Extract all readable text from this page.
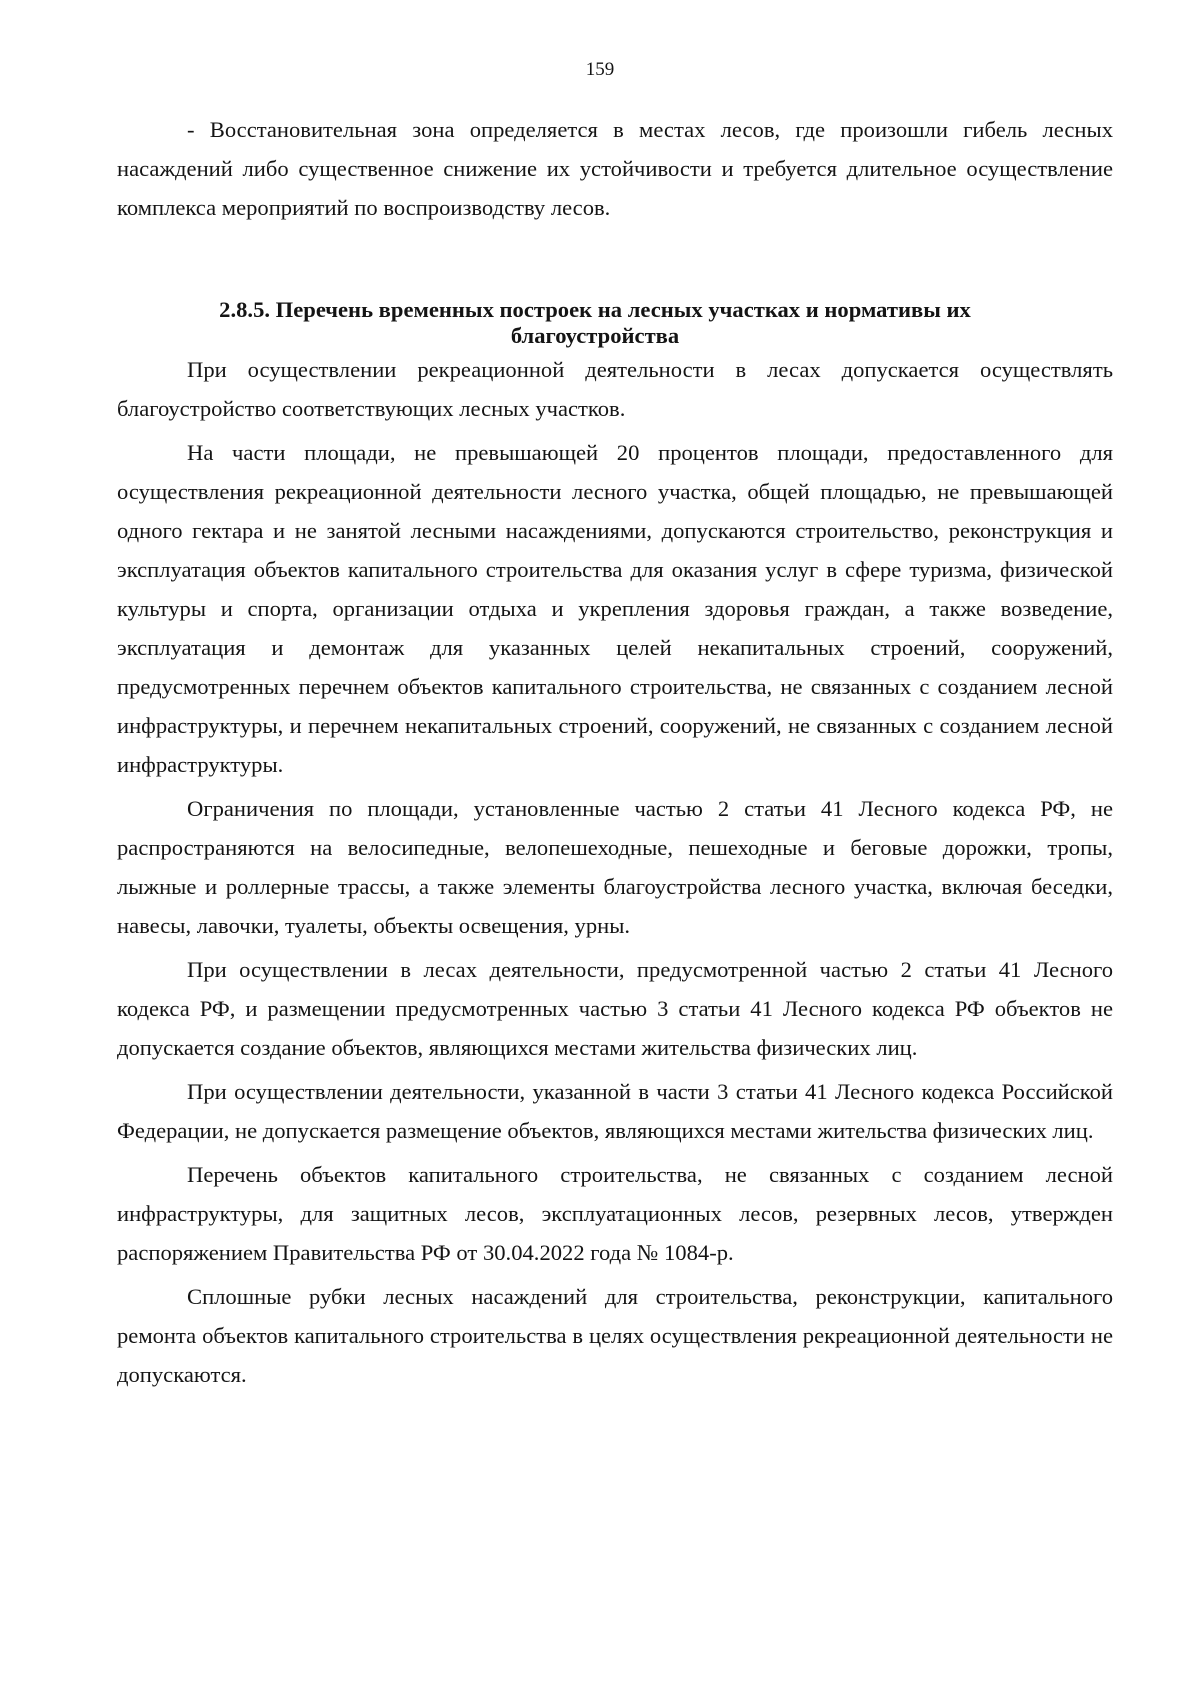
159

- Восстановительная зона определяется в местах лесов, где произошли гибель лесных насаждений либо существенное снижение их устойчивости и требуется длительное осуществление комплекса мероприятий по воспроизводству лесов.

2.8.5. Перечень временных построек на лесных участках и нормативы их благоустройства

При осуществлении рекреационной деятельности в лесах допускается осуществлять благоустройство соответствующих лесных участков.

На части площади, не превышающей 20 процентов площади, предоставленного для осуществления рекреационной деятельности лесного участка, общей площадью, не превышающей одного гектара и не занятой лесными насаждениями, допускаются строительство, реконструкция и эксплуатация объектов капитального строительства для оказания услуг в сфере туризма, физической культуры и спорта, организации отдыха и укрепления здоровья граждан, а также возведение, эксплуатация и демонтаж для указанных целей некапитальных строений, сооружений, предусмотренных перечнем объектов капитального строительства, не связанных с созданием лесной инфраструктуры, и перечнем некапитальных строений, сооружений, не связанных с созданием лесной инфраструктуры.

Ограничения по площади, установленные частью 2 статьи 41 Лесного кодекса РФ, не распространяются на велосипедные, велопешеходные, пешеходные и беговые дорожки, тропы, лыжные и роллерные трассы, а также элементы благоустройства лесного участка, включая беседки, навесы, лавочки, туалеты, объекты освещения, урны.

При осуществлении в лесах деятельности, предусмотренной частью 2 статьи 41 Лесного кодекса РФ, и размещении предусмотренных частью 3 статьи 41 Лесного кодекса РФ объектов не допускается создание объектов, являющихся местами жительства физических лиц.

При осуществлении деятельности, указанной в части 3 статьи 41 Лесного кодекса Российской Федерации, не допускается размещение объектов, являющихся местами жительства физических лиц.

Перечень объектов капитального строительства, не связанных с созданием лесной инфраструктуры, для защитных лесов, эксплуатационных лесов, резервных лесов, утвержден распоряжением Правительства РФ от 30.04.2022 года № 1084-р.

Сплошные рубки лесных насаждений для строительства, реконструкции, капитального ремонта объектов капитального строительства в целях осуществления рекреационной деятельности не допускаются.
